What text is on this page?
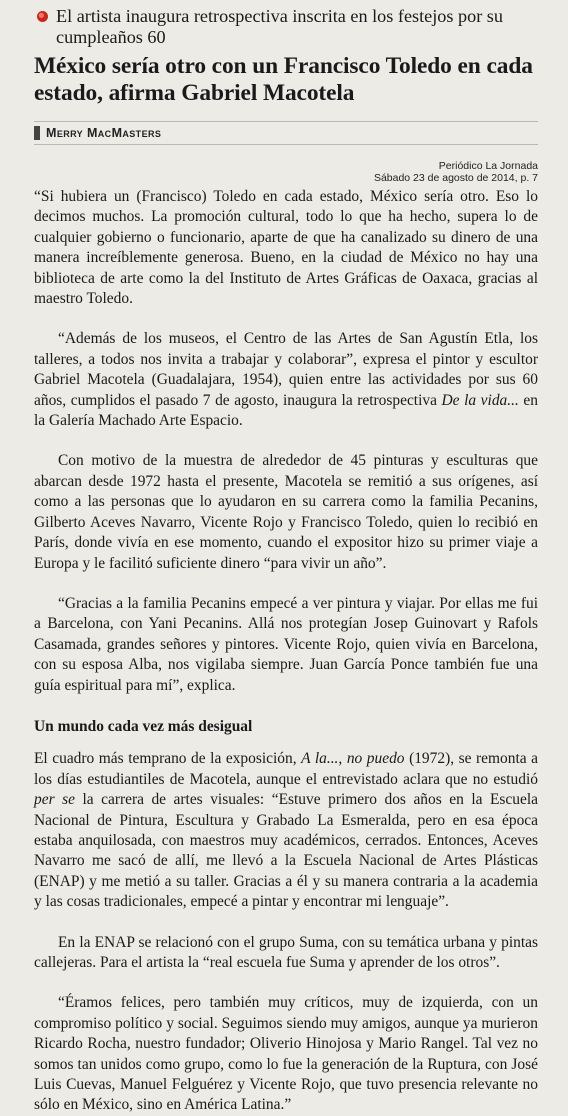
El artista inaugura retrospectiva inscrita en los festejos por su cumpleaños 60
México sería otro con un Francisco Toledo en cada estado, afirma Gabriel Macotela
Merry MacMasters
Periódico La Jornada
Sábado 23 de agosto de 2014, p. 7

“Si hubiera un (Francisco) Toledo en cada estado, México sería otro. Eso lo decimos muchos. La promoción cultural, todo lo que ha hecho, supera lo de cualquier gobierno o funcionario, aparte de que ha canalizado su dinero de una manera increíblemente generosa. Bueno, en la ciudad de México no hay una biblioteca de arte como la del Instituto de Artes Gráficas de Oaxaca, gracias al maestro Toledo.

“Además de los museos, el Centro de las Artes de San Agustín Etla, los talleres, a todos nos invita a trabajar y colaborar”, expresa el pintor y escultor Gabriel Macotela (Guadalajara, 1954), quien entre las actividades por sus 60 años, cumplidos el pasado 7 de agosto, inaugura la retrospectiva De la vida... en la Galería Machado Arte Espacio.

Con motivo de la muestra de alrededor de 45 pinturas y esculturas que abarcan desde 1972 hasta el presente, Macotela se remitió a sus orígenes, así como a las personas que lo ayudaron en su carrera como la familia Pecanins, Gilberto Aceves Navarro, Vicente Rojo y Francisco Toledo, quien lo recibió en París, donde vivía en ese momento, cuando el expositor hizo su primer viaje a Europa y le facilitó suficiente dinero “para vivir un año”.

“Gracias a la familia Pecanins empecé a ver pintura y viajar. Por ellas me fui a Barcelona, con Yani Pecanins. Allá nos protegían Josep Guinovart y Rafols Casamada, grandes señores y pintores. Vicente Rojo, quien vivía en Barcelona, con su esposa Alba, nos vigilaba siempre. Juan García Ponce también fue una guía espiritual para mí”, explica.

Un mundo cada vez más desigual

El cuadro más temprano de la exposición, A la..., no puedo (1972), se remonta a los días estudiantiles de Macotela, aunque el entrevistado aclara que no estudió per se la carrera de artes visuales: “Estuve primero dos años en la Escuela Nacional de Pintura, Escultura y Grabado La Esmeralda, pero en esa época estaba anquilosada, con maestros muy académicos, cerrados. Entonces, Aceves Navarro me sacó de allí, me llevó a la Escuela Nacional de Artes Plásticas (ENAP) y me metió a su taller. Gracias a él y su manera contraria a la academia y las cosas tradicionales, empecé a pintar y encontrar mi lenguaje”.

En la ENAP se relacionó con el grupo Suma, con su temática urbana y pintas callejeras. Para el artista la “real escuela fue Suma y aprender de los otros”.

“Éramos felices, pero también muy críticos, muy de izquierda, con un compromiso político y social. Seguimos siendo muy amigos, aunque ya murieron Ricardo Rocha, nuestro fundador; Oliverio Hinojosa y Mario Rangel. Tal vez no somos tan unidos como grupo, como lo fue la generación de la Ruptura, con José Luis Cuevas, Manuel Felguérez y Vicente Rojo, que tuvo presencia relevante no sólo en México, sino en América Latina.”
